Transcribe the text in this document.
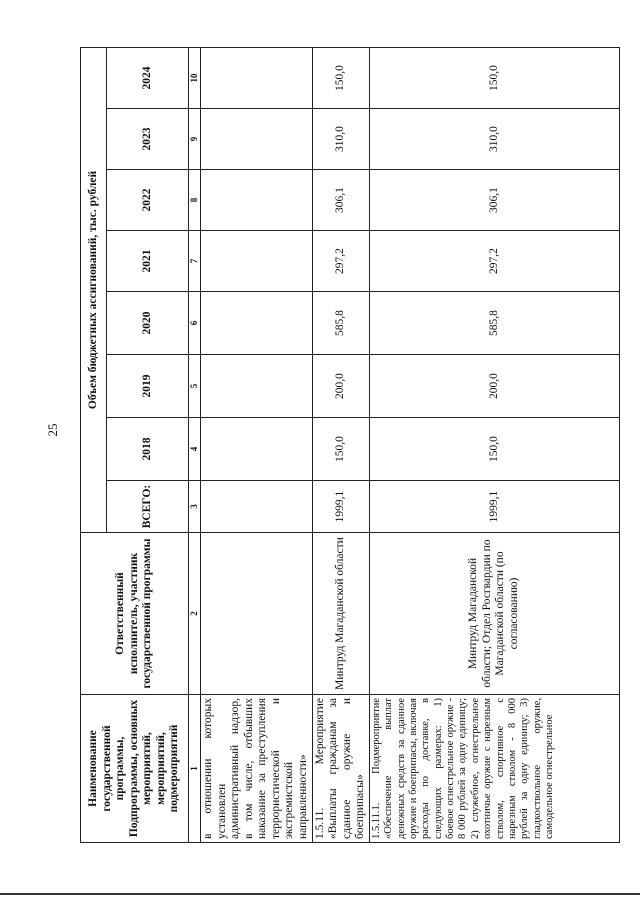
25
Наименование государственной программы, Подпрограммы, основных мероприятий, мероприятий, подмероприятий	Ответственный исполнитель, участник государственной программы	Объем бюджетных ассигнований, тыс. рублей							
		ВСЕГО:	2018	2019	2020	2021	2022	2023	2024
1	2	3	4	5	6	7	8	9	10
в отношении которых установлен административный надзор, в том числе, отбывших наказание за преступления террористической и экстремистской направленности»									
1.5.11. Мероприятие «Выплаты гражданам за сданное оружие и боеприпасы»	Минтруд Магаданской области	1999,1	150,0	200,0	585,8	297,2	306,1	310,0	150,0
1.5.11.1. Подмероприятие «Обеспечение выплат денежных средств за сданное оружие и боеприпасы, включая расходы по доставке, в следующих размерах: 1) боевое огнестрельное оружие - 8 000 рублей за одну единицу; 2) служебное, огнестрельное охотничье оружие с нарезным стволом, спортивное с нарезным стволом - 8 000 рублей за одну единицу; 3) гладкоствольное оружие, самодельное огнестрельное	Минтруд Магаданской области; Отдел Росгвардии по Магаданской области (по согласованию)	1999,1	150,0	200,0	585,8	297,2	306,1	310,0	150,0
